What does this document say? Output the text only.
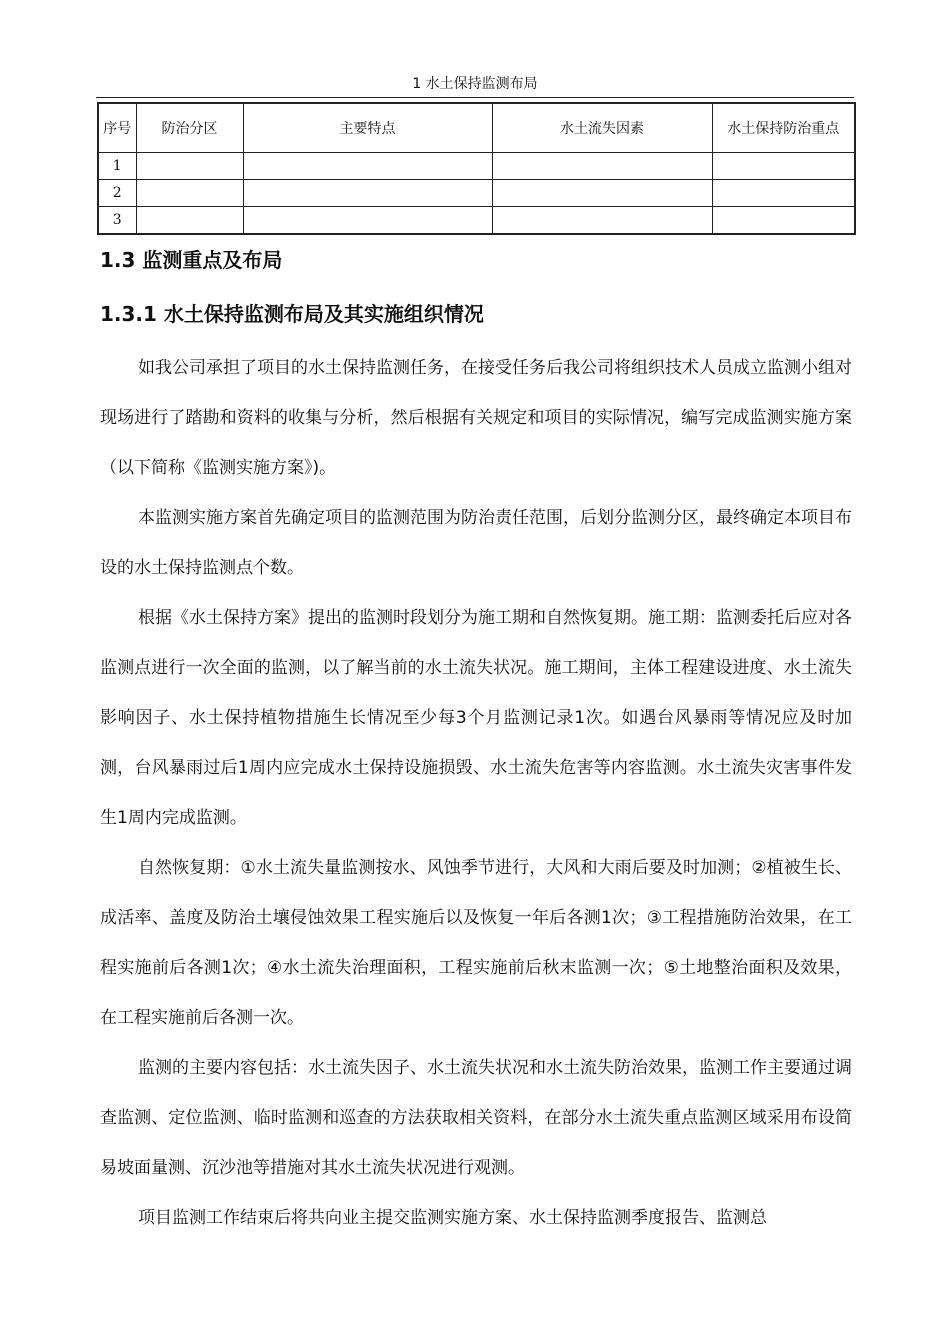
1 水土保持监测布局
序号	防治分区	主要特点	水土流失因素	水土保持防治重点
1				
2				
3				
1.3 监测重点及布局
1.3.1 水土保持监测布局及其实施组织情况

如我公司承担了项目的水土保持监测任务，在接受任务后我公司将组织技术人员成立监测小组对现场进行了踏勘和资料的收集与分析，然后根据有关规定和项目的实际情况，编写完成监测实施方案（以下简称《监测实施方案》)。

本监测实施方案首先确定项目的监测范围为防治责任范围，后划分监测分区，最终确定本项目布设的水土保持监测点个数。

根据《水土保持方案》提出的监测时段划分为施工期和自然恢复期。施工期：监测委托后应对各监测点进行一次全面的监测，以了解当前的水土流失状况。施工期间，主体工程建设进度、水土流失影响因子、水土保持植物措施生长情况至少每3个月监测记录1次。如遇台风暴雨等情况应及时加测，台风暴雨过后1周内应完成水土保持设施损毁、水土流失危害等内容监测。水土流失灾害事件发生1周内完成监测。

自然恢复期：①水土流失量监测按水、风蚀季节进行，大风和大雨后要及时加测；②植被生长、成活率、盖度及防治土壤侵蚀效果工程实施后以及恢复一年后各测1次；③工程措施防治效果，在工程实施前后各测1次；④水土流失治理面积，工程实施前后秋末监测一次；⑤土地整治面积及效果，在工程实施前后各测一次。

监测的主要内容包括：水土流失因子、水土流失状况和水土流失防治效果，监测工作主要通过调查监测、定位监测、临时监测和巡查的方法获取相关资料，在部分水土流失重点监测区域采用布设简易坡面量测、沉沙池等措施对其水土流失状况进行观测。

项目监测工作结束后将共向业主提交监测实施方案、水土保持监测季度报告、监测总
